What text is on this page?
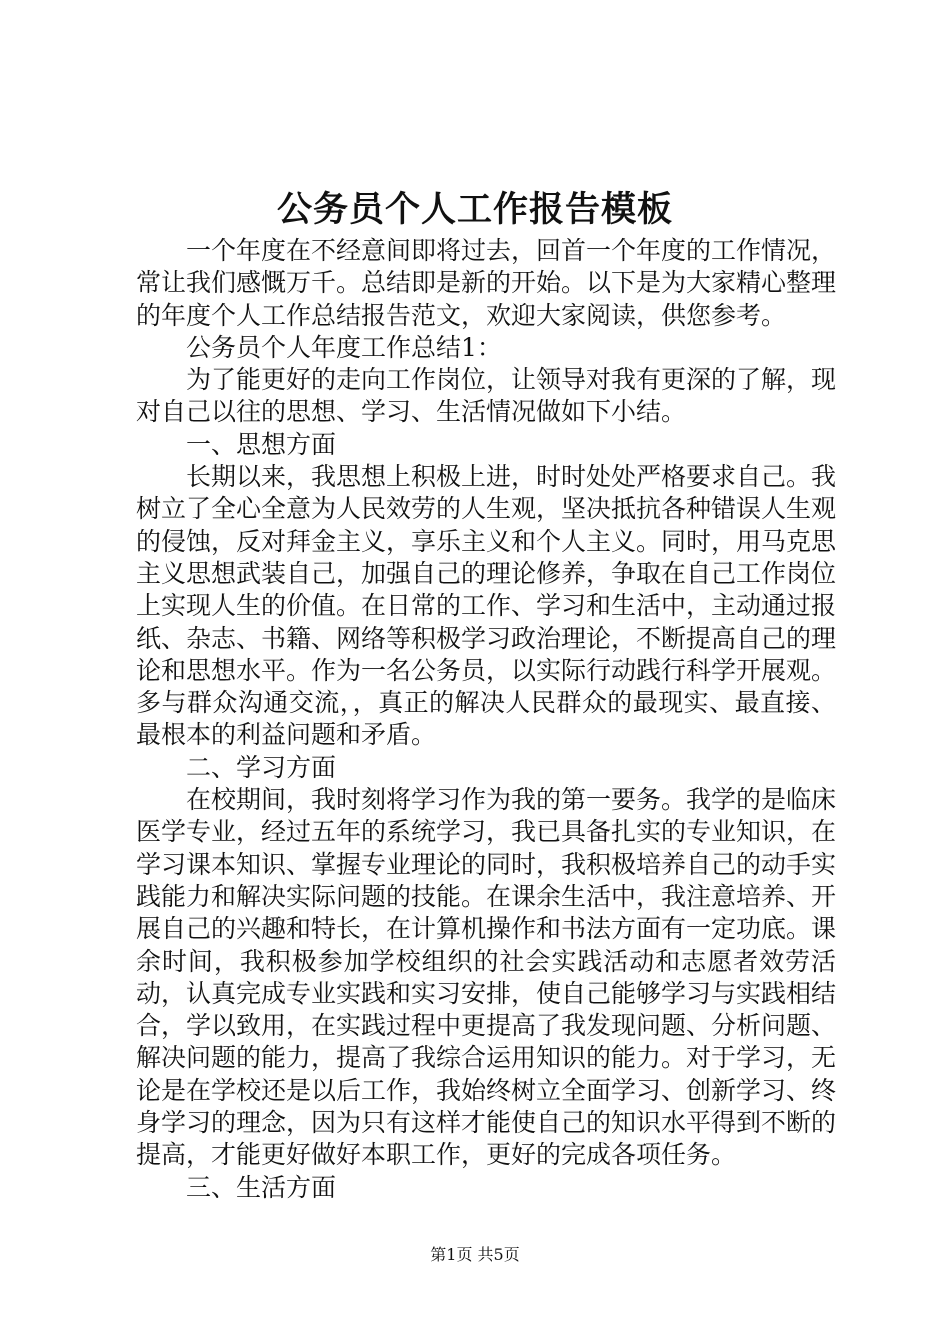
公务员个人工作报告模板

一个年度在不经意间即将过去，回首一个年度的工作情况，常让我们感慨万千。总结即是新的开始。以下是为大家精心整理的年度个人工作总结报告范文，欢迎大家阅读，供您参考。

公务员个人年度工作总结1：

为了能更好的走向工作岗位，让领导对我有更深的了解，现对自己以往的思想、学习、生活情况做如下小结。

一、思想方面

长期以来，我思想上积极上进，时时处处严格要求自己。我树立了全心全意为人民效劳的人生观，坚决抵抗各种错误人生观的侵蚀，反对拜金主义，享乐主义和个人主义。同时，用马克思主义思想武装自己，加强自己的理论修养，争取在自己工作岗位上实现人生的价值。在日常的工作、学习和生活中，主动通过报纸、杂志、书籍、网络等积极学习政治理论，不断提高自己的理论和思想水平。作为一名公务员，以实际行动践行科学开展观。多与群众沟通交流，，真正的解决人民群众的最现实、最直接、最根本的利益问题和矛盾。

二、学习方面

在校期间，我时刻将学习作为我的第一要务。我学的是临床医学专业，经过五年的系统学习，我已具备扎实的专业知识，在学习课本知识、掌握专业理论的同时，我积极培养自己的动手实践能力和解决实际问题的技能。在课余生活中，我注意培养、开展自己的兴趣和特长，在计算机操作和书法方面有一定功底。课余时间，我积极参加学校组织的社会实践活动和志愿者效劳活动，认真完成专业实践和实习安排，使自己能够学习与实践相结合，学以致用，在实践过程中更提高了我发现问题、分析问题、解决问题的能力，提高了我综合运用知识的能力。对于学习，无论是在学校还是以后工作，我始终树立全面学习、创新学习、终身学习的理念，因为只有这样才能使自己的知识水平得到不断的提高，才能更好做好本职工作，更好的完成各项任务。

三、生活方面

第1页 共5页
